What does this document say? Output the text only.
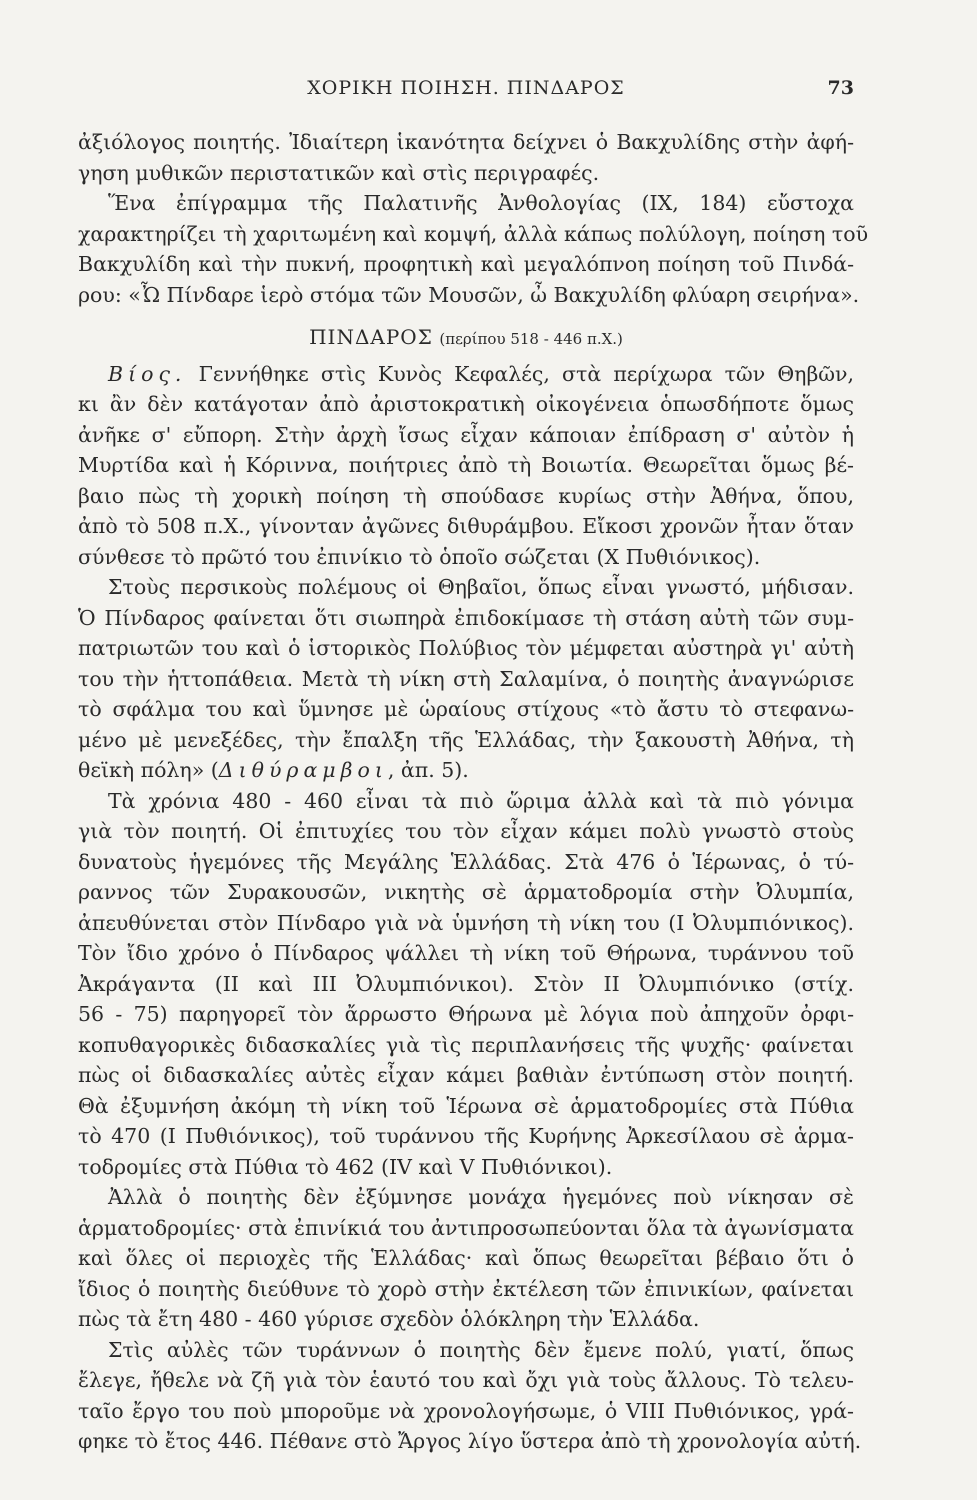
ΧΟΡΙΚΗ ΠΟΙΗΣΗ. ΠΙΝΔΑΡΟΣ	73
ἀξιόλογος ποιητής. Ἰδιαίτερη ἱκανότητα δείχνει ὁ Βακχυλίδης στὴν ἀφή-
γηση μυθικῶν περιστατικῶν καὶ στὶς περιγραφές.
Ἕνα ἐπίγραμμα τῆς Παλατινῆς Ἀνθολογίας (IX, 184) εὔστοχα
χαρακτηρίζει τὴ χαριτωμένη καὶ κομψή, ἀλλὰ κάπως πολύλογη, ποίηση τοῦ
Βακχυλίδη καὶ τὴν πυκνή, προφητικὴ καὶ μεγαλόπνοη ποίηση τοῦ Πινδά-
ρου: «Ὦ Πίνδαρε ἱερὸ στόμα τῶν Μουσῶν, ὦ Βακχυλίδη φλύαρη σειρήνα».
ΠΙΝΔΑΡΟΣ (περίπου 518 - 446 π.Χ.)
Βίος. Γεννήθηκε στὶς Κυνὸς Κεφαλές, στὰ περίχωρα τῶν Θηβῶν,
κι ἂν δὲν κατάγοταν ἀπὸ ἀριστοκρατικὴ οἰκογένεια ὁπωσδήποτε ὅμως
ἀνῆκε σ' εὔπορη. Στὴν ἀρχὴ ἴσως εἶχαν κάποιαν ἐπίδραση σ' αὐτὸν ἡ
Μυρτίδα καὶ ἡ Κόριννα, ποιήτριες ἀπὸ τὴ Βοιωτία. Θεωρεῖται ὅμως βέ-
βαιο πὼς τὴ χορικὴ ποίηση τὴ σπούδασε κυρίως στὴν Ἀθήνα, ὅπου,
ἀπὸ τὸ 508 π.Χ., γίνονταν ἀγῶνες διθυράμβου. Εἴκοσι χρονῶν ἦταν ὅταν
σύνθεσε τὸ πρῶτό του ἐπινίκιο τὸ ὁποῖο σώζεται (Χ Πυθιόνικος).
Στοὺς περσικοὺς πολέμους οἱ Θηβαῖοι, ὅπως εἶναι γνωστό, μήδισαν.
Ὁ Πίνδαρος φαίνεται ὅτι σιωπηρὰ ἐπιδοκίμασε τὴ στάση αὐτὴ τῶν συμ-
πατριωτῶν του καὶ ὁ ἱστορικὸς Πολύβιος τὸν μέμφεται αὐστηρὰ γι' αὐτὴ
του τὴν ἡττοπάθεια. Μετὰ τὴ νίκη στὴ Σαλαμίνα, ὁ ποιητὴς ἀναγνώρισε
τὸ σφάλμα του καὶ ὕμνησε μὲ ὡραίους στίχους «τὸ ἄστυ τὸ στεφανω-
μένο μὲ μενεξέδες, τὴν ἔπαλξη τῆς Ἑλλάδας, τὴν ξακουστὴ Ἀθήνα, τὴ
θεϊκὴ πόλη» (Διθύραμβοι, ἀπ. 5).
Τὰ χρόνια 480 - 460 εἶναι τὰ πιὸ ὥριμα ἀλλὰ καὶ τὰ πιὸ γόνιμα
γιὰ τὸν ποιητή. Οἱ ἐπιτυχίες του τὸν εἶχαν κάμει πολὺ γνωστὸ στοὺς
δυνατοὺς ἡγεμόνες τῆς Μεγάλης Ἑλλάδας. Στὰ 476 ὁ Ἱέρωνας, ὁ τύ-
ραννος τῶν Συρακουσῶν, νικητὴς σὲ ἁρματοδρομία στὴν Ὀλυμπία,
ἀπευθύνεται στὸν Πίνδαρο γιὰ νὰ ὑμνήση τὴ νίκη του (Ι Ὀλυμπιόνικος).
Τὸν ἴδιο χρόνο ὁ Πίνδαρος ψάλλει τὴ νίκη τοῦ Θήρωνα, τυράννου τοῦ
Ἀκράγαντα (ΙΙ καὶ ΙΙΙ Ὀλυμπιόνικοι). Στὸν ΙΙ Ὀλυμπιόνικο (στίχ.
56 - 75) παρηγορεῖ τὸν ἄρρωστο Θήρωνα μὲ λόγια ποὺ ἀπηχοῦν ὀρφι-
κοπυθαγορικὲς διδασκαλίες γιὰ τὶς περιπλανήσεις τῆς ψυχῆς· φαίνεται
πὼς οἱ διδασκαλίες αὐτὲς εἶχαν κάμει βαθιὰν ἐντύπωση στὸν ποιητή.
Θὰ ἐξυμνήση ἀκόμη τὴ νίκη τοῦ Ἱέρωνα σὲ ἁρματοδρομίες στὰ Πύθια
τὸ 470 (Ι Πυθιόνικος), τοῦ τυράννου τῆς Κυρήνης Ἀρκεσίλαου σὲ ἁρμα-
τοδρομίες στὰ Πύθια τὸ 462 (IV καὶ V Πυθιόνικοι).
Ἀλλὰ ὁ ποιητὴς δὲν ἐξύμνησε μονάχα ἡγεμόνες ποὺ νίκησαν σὲ
ἁρματοδρομίες· στὰ ἐπινίκιά του ἀντιπροσωπεύονται ὅλα τὰ ἀγωνίσματα
καὶ ὅλες οἱ περιοχὲς τῆς Ἑλλάδας· καὶ ὅπως θεωρεῖται βέβαιο ὅτι ὁ
ἴδιος ὁ ποιητὴς διεύθυνε τὸ χορὸ στὴν ἐκτέλεση τῶν ἐπινικίων, φαίνεται
πὼς τὰ ἔτη 480 - 460 γύρισε σχεδὸν ὁλόκληρη τὴν Ἑλλάδα.
Στὶς αὐλὲς τῶν τυράννων ὁ ποιητὴς δὲν ἔμενε πολύ, γιατί, ὅπως
ἔλεγε, ἤθελε νὰ ζῆ γιὰ τὸν ἑαυτό του καὶ ὄχι γιὰ τοὺς ἄλλους. Τὸ τελευ-
ταῖο ἔργο του ποὺ μποροῦμε νὰ χρονολογήσωμε, ὁ VIII Πυθιόνικος, γρά-
φηκε τὸ ἔτος 446. Πέθανε στὸ Ἄργος λίγο ὕστερα ἀπὸ τὴ χρονολογία αὐτή.
